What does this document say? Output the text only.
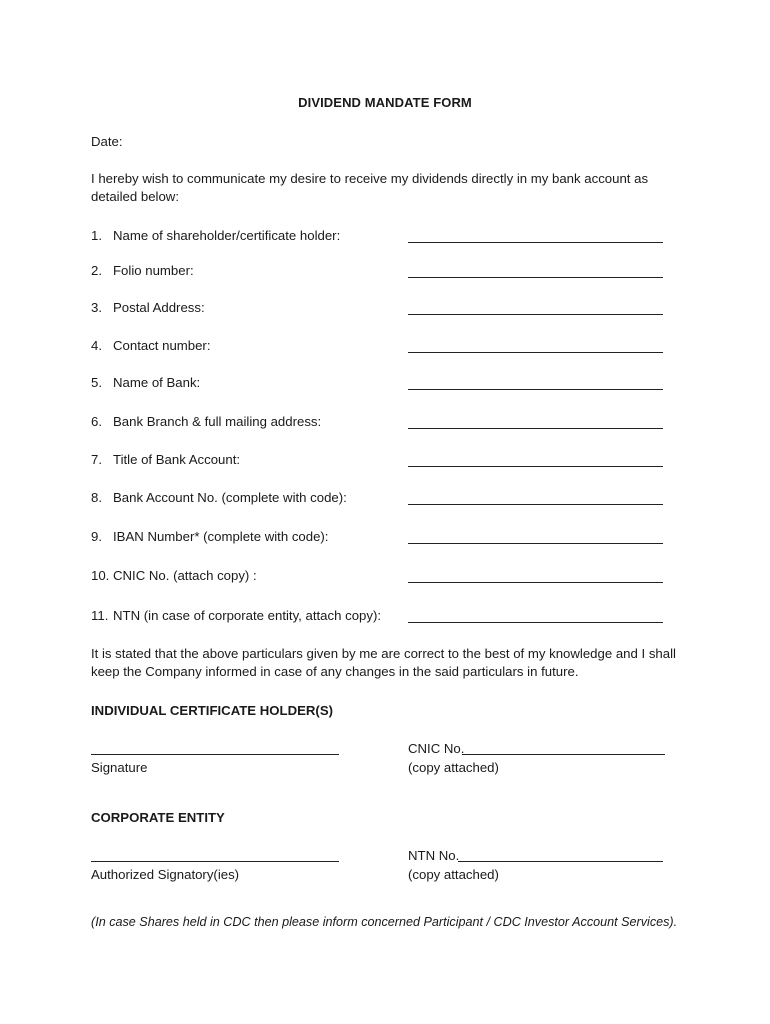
DIVIDEND MANDATE FORM
Date:
I hereby wish to communicate my desire to receive my dividends directly in my bank account as detailed below:
1. Name of shareholder/certificate holder:
2. Folio number:
3. Postal Address:
4. Contact number:
5. Name of Bank:
6. Bank Branch & full mailing address:
7. Title of Bank Account:
8. Bank Account No. (complete with code):
9. IBAN Number* (complete with code):
10. CNIC No. (attach copy) :
11. NTN (in case of corporate entity, attach copy):
It is stated that the above particulars given by me are correct to the best of my knowledge and I shall keep the Company informed in case of any changes in the said particulars in future.
INDIVIDUAL CERTIFICATE HOLDER(S)
Signature
CNIC No.
(copy attached)
CORPORATE ENTITY
Authorized Signatory(ies)
NTN No.
(copy attached)
(In case Shares held in CDC then please inform concerned Participant / CDC Investor Account Services).
